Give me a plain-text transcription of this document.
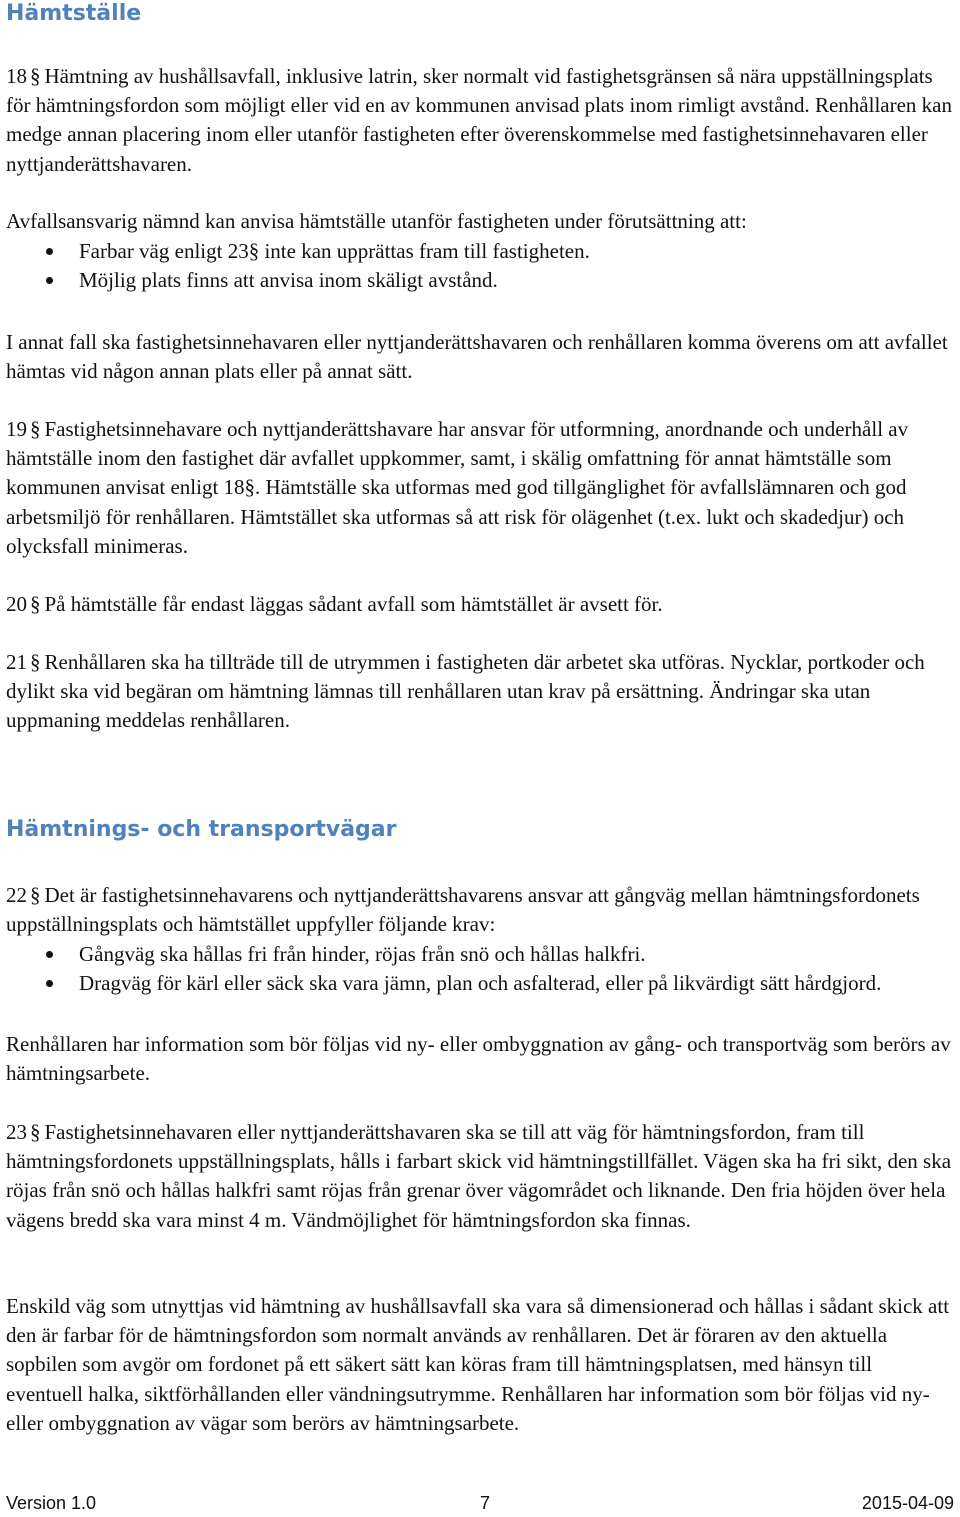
Hämtställe

18 § Hämtning av hushållsavfall, inklusive latrin, sker normalt vid fastighetsgränsen så nära uppställningsplats för hämtningsfordon som möjligt eller vid en av kommunen anvisad plats inom rimligt avstånd. Renhållaren kan medge annan placering inom eller utanför fastigheten efter överenskommelse med fastighetsinnehavaren eller nyttjanderättshavaren.

Avfallsansvarig nämnd kan anvisa hämtställe utanför fastigheten under förutsättning att:

Farbar väg enligt 23§ inte kan upprättas fram till fastigheten.
Möjlig plats finns att anvisa inom skäligt avstånd.

I annat fall ska fastighetsinnehavaren eller nyttjanderättshavaren och renhållaren komma överens om att avfallet hämtas vid någon annan plats eller på annat sätt.

19 § Fastighetsinnehavare och nyttjanderättshavare har ansvar för utformning, anordnande och underhåll av hämtställe inom den fastighet där avfallet uppkommer, samt, i skälig omfattning för annat hämtställe som kommunen anvisat enligt 18§. Hämtställe ska utformas med god tillgänglighet för avfallslämnaren och god arbetsmiljö för renhållaren. Hämtstället ska utformas så att risk för olägenhet (t.ex. lukt och skadedjur) och olycksfall minimeras.

20 § På hämtställe får endast läggas sådant avfall som hämtstället är avsett för.

21 § Renhållaren ska ha tillträde till de utrymmen i fastigheten där arbetet ska utföras. Nycklar, portkoder och dylikt ska vid begäran om hämtning lämnas till renhållaren utan krav på ersättning. Ändringar ska utan uppmaning meddelas renhållaren.

Hämtnings- och transportvägar

22 § Det är fastighetsinnehavarens och nyttjanderättshavarens ansvar att gångväg mellan hämtningsfordonets uppställningsplats och hämtstället uppfyller följande krav:

Gångväg ska hållas fri från hinder, röjas från snö och hållas halkfri.
Dragväg för kärl eller säck ska vara jämn, plan och asfalterad, eller på likvärdigt sätt hårdgjord.

Renhållaren har information som bör följas vid ny- eller ombyggnation av gång- och transportväg som berörs av hämtningsarbete.

23 § Fastighetsinnehavaren eller nyttjanderättshavaren ska se till att väg för hämtningsfordon, fram till hämtningsfordonets uppställningsplats, hålls i farbart skick vid hämtningstillfället. Vägen ska ha fri sikt, den ska röjas från snö och hållas halkfri samt röjas från grenar över vägområdet och liknande. Den fria höjden över hela vägens bredd ska vara minst 4 m. Vändmöjlighet för hämtningsfordon ska finnas.

Enskild väg som utnyttjas vid hämtning av hushållsavfall ska vara så dimensionerad och hållas i sådant skick att den är farbar för de hämtningsfordon som normalt används av renhållaren. Det är föraren av den aktuella sopbilen som avgör om fordonet på ett säkert sätt kan köras fram till hämtningsplatsen, med hänsyn till eventuell halka, siktförhållanden eller vändningsutrymme. Renhållaren har information som bör följas vid ny- eller ombyggnation av vägar som berörs av hämtningsarbete.

Version 1.0	7	2015-04-09
